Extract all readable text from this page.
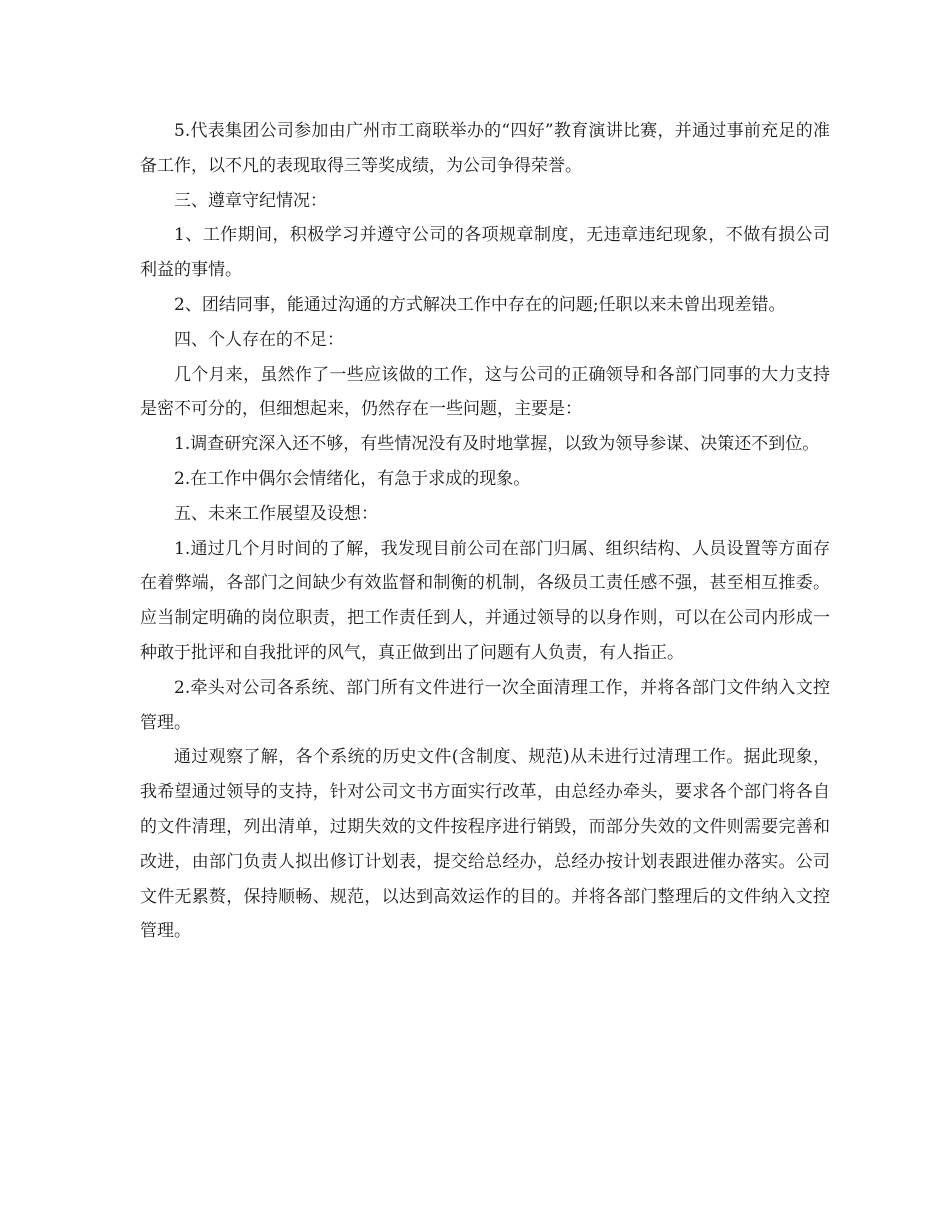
5.代表集团公司参加由广州市工商联举办的“四好”教育演讲比赛，并通过事前充足的准备工作，以不凡的表现取得三等奖成绩，为公司争得荣誉。

三、遵章守纪情况：

1、工作期间，积极学习并遵守公司的各项规章制度，无违章违纪现象，不做有损公司利益的事情。

2、团结同事，能通过沟通的方式解决工作中存在的问题;任职以来未曾出现差错。

四、个人存在的不足：

几个月来，虽然作了一些应该做的工作，这与公司的正确领导和各部门同事的大力支持是密不可分的，但细想起来，仍然存在一些问题，主要是：

1.调查研究深入还不够，有些情况没有及时地掌握，以致为领导参谋、决策还不到位。

2.在工作中偶尔会情绪化，有急于求成的现象。

五、未来工作展望及设想：

1.通过几个月时间的了解，我发现目前公司在部门归属、组织结构、人员设置等方面存在着弊端，各部门之间缺少有效监督和制衡的机制，各级员工责任感不强，甚至相互推委。应当制定明确的岗位职责，把工作责任到人，并通过领导的以身作则，可以在公司内形成一种敢于批评和自我批评的风气，真正做到出了问题有人负责，有人指正。

2.牵头对公司各系统、部门所有文件进行一次全面清理工作，并将各部门文件纳入文控管理。

通过观察了解，各个系统的历史文件(含制度、规范)从未进行过清理工作。据此现象，我希望通过领导的支持，针对公司文书方面实行改革，由总经办牵头，要求各个部门将各自的文件清理，列出清单，过期失效的文件按程序进行销毁，而部分失效的文件则需要完善和改进，由部门负责人拟出修订计划表，提交给总经办，总经办按计划表跟进催办落实。公司文件无累赘，保持顺畅、规范，以达到高效运作的目的。并将各部门整理后的文件纳入文控管理。
